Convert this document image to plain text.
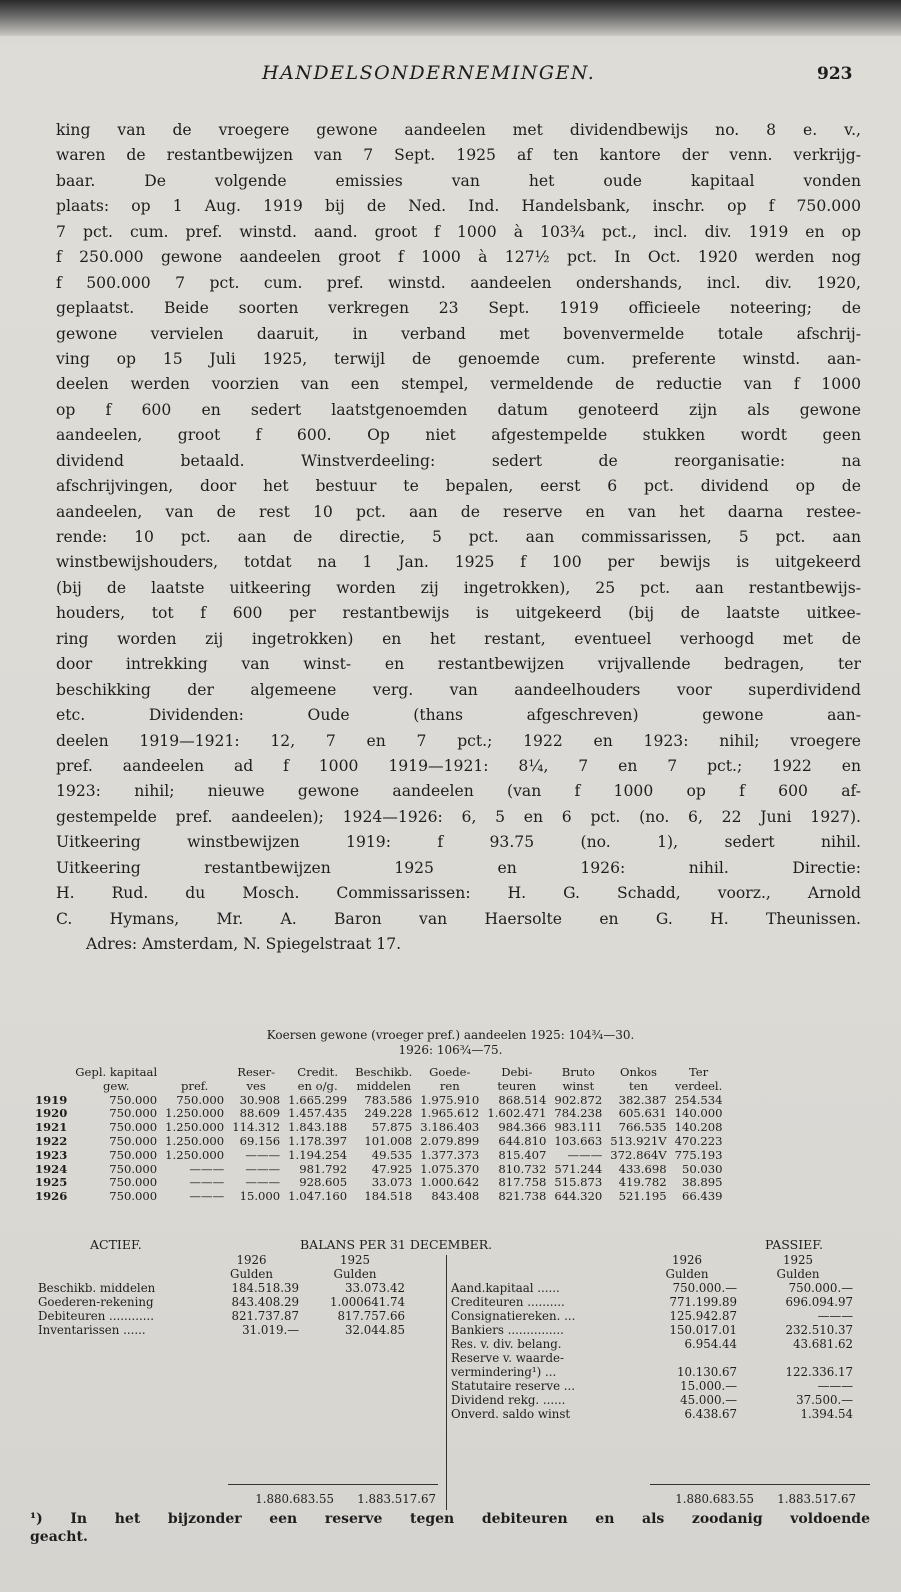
HANDELSONDERNEMINGEN.	923
king van de vroegere gewone aandeelen met dividendbewijs no. 8 e. v.,
waren de restantbewijzen van 7 Sept. 1925 af ten kantore der venn. verkrijg-
baar. De volgende emissies van het oude kapitaal vonden
plaats: op 1 Aug. 1919 bij de Ned. Ind. Handelsbank, inschr. op f 750.000
7 pct. cum. pref. winstd. aand. groot f 1000 à 103¾ pct., incl. div. 1919 en op
f 250.000 gewone aandeelen groot f 1000 à 127½ pct. In Oct. 1920 werden nog
f 500.000 7 pct. cum. pref. winstd. aandeelen ondershands, incl. div. 1920,
geplaatst. Beide soorten verkregen 23 Sept. 1919 officieele noteering; de
gewone vervielen daaruit, in verband met bovenvermelde totale afschrij-
ving op 15 Juli 1925, terwijl de genoemde cum. preferente winstd. aan-
deelen werden voorzien van een stempel, vermeldende de reductie van f 1000
op f 600 en sedert laatstgenoemden datum genoteerd zijn als gewone
aandeelen, groot f 600. Op niet afgestempelde stukken wordt geen
dividend betaald. Winstverdeeling: sedert de reorganisatie: na
afschrijvingen, door het bestuur te bepalen, eerst 6 pct. dividend op de
aandeelen, van de rest 10 pct. aan de reserve en van het daarna restee-
rende: 10 pct. aan de directie, 5 pct. aan commissarissen, 5 pct. aan
winstbewijshouders, totdat na 1 Jan. 1925 f 100 per bewijs is uitgekeerd
(bij de laatste uitkeering worden zij ingetrokken), 25 pct. aan restantbewijs-
houders, tot f 600 per restantbewijs is uitgekeerd (bij de laatste uitkee-
ring worden zij ingetrokken) en het restant, eventueel verhoogd met de
door intrekking van winst- en restantbewijzen vrijvallende bedragen, ter
beschikking der algemeene verg. van aandeelhouders voor superdividend
etc. Dividenden: Oude (thans afgeschreven) gewone aan-
deelen 1919—1921: 12, 7 en 7 pct.; 1922 en 1923: nihil; vroegere
pref. aandeelen ad f 1000 1919—1921: 8¼, 7 en 7 pct.; 1922 en
1923: nihil; nieuwe gewone aandeelen (van f 1000 op f 600 af-
gestempelde pref. aandeelen); 1924—1926: 6, 5 en 6 pct. (no. 6, 22 Juni 1927).
Uitkeering winstbewijzen 1919: f 93.75 (no. 1), sedert nihil.
Uitkeering restantbewijzen 1925 en 1926: nihil. Directie:
H. Rud. du Mosch. Commissarissen: H. G. Schadd, voorz., Arnold
C. Hymans, Mr. A. Baron van Haersolte en G. H. Theunissen.
Adres: Amsterdam, N. Spiegelstraat 17.
Koersen gewone (vroeger pref.) aandeelen 1925: 104¾—30.
1926: 106¾—75.
	Gepl. kapitaal		Reser-	Credit.	Beschikb.	Goede-	Debi-	Bruto	Onkos	Ter
	gew.	pref.	ves	en o/g.	middelen	ren	teuren	winst	ten	verdeel.
1919	750.000	750.000	30.908	1.665.299	783.586	1.975.910	868.514	902.872	382.387	254.534
1920	750.000	1.250.000	88.609	1.457.435	249.228	1.965.612	1.602.471	784.238	605.631	140.000
1921	750.000	1.250.000	114.312	1.843.188	57.875	3.186.403	984.366	983.111	766.535	140.208
1922	750.000	1.250.000	69.156	1.178.397	101.008	2.079.899	644.810	103.663	513.921V	470.223
1923	750.000	1.250.000	———	1.194.254	49.535	1.377.373	815.407	———	372.864V	775.193
1924	750.000	———	———	981.792	47.925	1.075.370	810.732	571.244	433.698	50.030
1925	750.000	———	———	928.605	33.073	1.000.642	817.758	515.873	419.782	38.895
1926	750.000	———	15.000	1.047.160	184.518	843.408	821.738	644.320	521.195	66.439
ACTIEF.	BALANS PER 31 DECEMBER.	PASSIEF.
	1926	1925
	Gulden	Gulden
Beschikb. middelen	184.518.39	33.073.42
Goederen-rekening	843.408.29	1.000641.74
Debiteuren ............	821.737.87	817.757.66
Inventarissen ......	31.019.—	32.044.85
	1926	1925
	Gulden	Gulden
Aand.kapitaal ......	750.000.—	750.000.—
Crediteuren ..........	771.199.89	696.094.97
Consignatiereken. ...	125.942.87	———
Bankiers ...............	150.017.01	232.510.37
Res. v. div. belang.	6.954.44	43.681.62
Reserve v. waarde-		
vermindering¹) ...	10.130.67	122.336.17
Statutaire reserve ...	15.000.—	———
Dividend rekg. ......	45.000.—	37.500.—
Onverd. saldo winst	6.438.67	1.394.54
1.880.683.55 1.883.517.67	1.880.683.55 1.883.517.67
¹) In het bijzonder een reserve tegen debiteuren en als zoodanig voldoende
geacht.
